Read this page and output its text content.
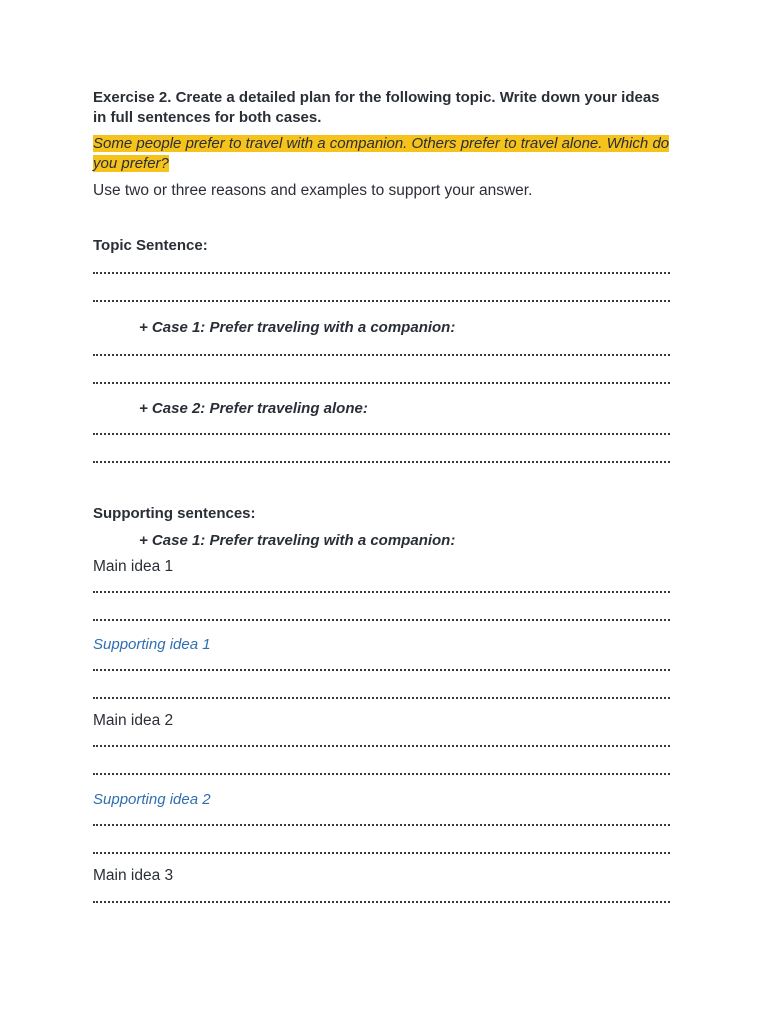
Exercise 2. Create a detailed plan for the following topic. Write down your ideas in full sentences for both cases.
Some people prefer to travel with a companion. Others prefer to travel alone. Which do you prefer?
Use two or three reasons and examples to support your answer.
Topic Sentence:
+ Case 1: Prefer traveling with a companion:
+ Case 2: Prefer traveling alone:
Supporting sentences:
+ Case 1: Prefer traveling with a companion:
Main idea 1
Supporting idea 1
Main idea 2
Supporting idea 2
Main idea 3
